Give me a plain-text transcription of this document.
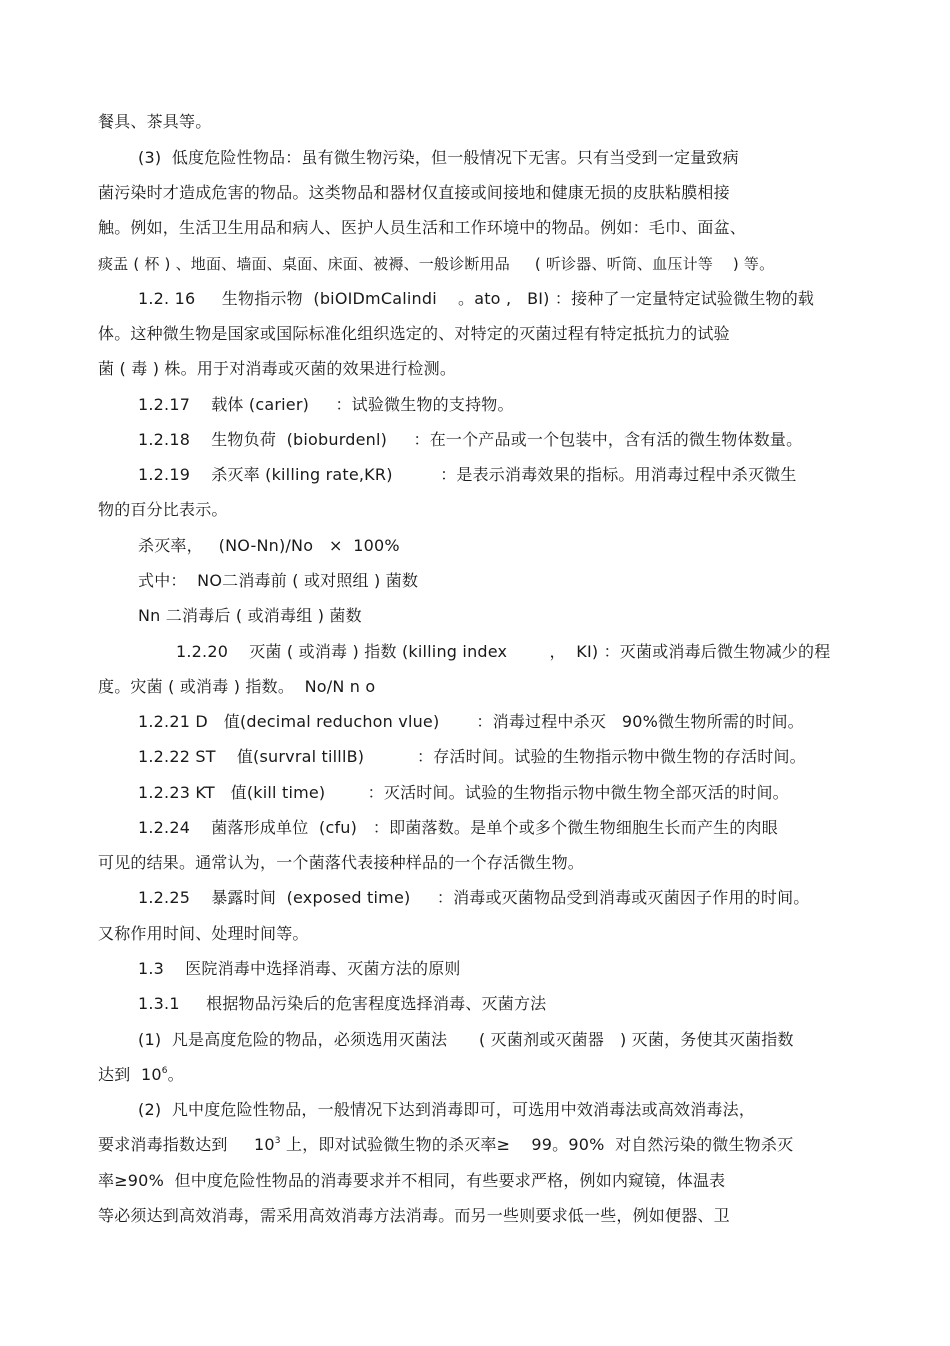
餐具、茶具等。
(3)  低度危险性物品：虽有微生物污染，但一般情况下无害。只有当受到一定量致病
菌污染时才造成危害的物品。这类物品和器材仅直接或间接地和健康无损的皮肤粘膜相接
触。例如，生活卫生用品和病人、医护人员生活和工作环境中的物品。例如：毛巾、面盆、
痰盂 ( 杯 ) 、地面、墙面、桌面、床面、被褥、一般诊断用品     ( 听诊器、听筒、血压计等    ) 等。
1.2. 16     生物指示物  (biOIDmCalindi    。ato ,   BI) ：接种了一定量特定试验微生物的载
体。这种微生物是国家或国际标准化组织选定的、对特定的灭菌过程有特定抵抗力的试验
菌 ( 毒 ) 株。用于对消毒或灭菌的效果进行检测。
1.2.17    载体 (carier)     ：试验微生物的支持物。
1.2.18    生物负荷  (bioburdenl)     ：在一个产品或一个包装中，含有活的微生物体数量。
1.2.19    杀灭率 (killing rate,KR)         ：是表示消毒效果的指标。用消毒过程中杀灭微生
物的百分比表示。
杀灭率，   (NO-Nn)/No   ×  100%
式中：  NO二消毒前 ( 或对照组 ) 菌数
Nn 二消毒后 ( 或消毒组 ) 菌数
1.2.20    灭菌 ( 或消毒 ) 指数 (killing index        ，  KI) ：灭菌或消毒后微生物减少的程
度。灾菌 ( 或消毒 ) 指数。  No/N n o
1.2.21 D   值(decimal reduchon vlue)       ：消毒过程中杀灭   90%微生物所需的时间。
1.2.22 ST    值(survral tilllB)          ：存活时间。试验的生物指示物中微生物的存活时间。
1.2.23 KT   值(kill time)        ：灭活时间。试验的生物指示物中微生物全部灭活的时间。
1.2.24    菌落形成单位  (cfu)   ：即菌落数。是单个或多个微生物细胞生长而产生的肉眼
可见的结果。通常认为，一个菌落代表接种样品的一个存活微生物。
1.2.25    暴露时间  (exposed time)     ：消毒或灭菌物品受到消毒或灭菌因子作用的时间。
又称作用时间、处理时间等。
1.3    医院消毒中选择消毒、灭菌方法的原则
1.3.1     根据物品污染后的危害程度选择消毒、灭菌方法
(1)  凡是高度危险的物品，必须选用灭菌法      ( 灭菌剂或灭菌器   ) 灭菌，务使其灭菌指数
达到  $10^6$。
(2)  凡中度危险性物品，一般情况下达到消毒即可，可选用中效消毒法或高效消毒法，
要求消毒指数达到     $10^3$ 上，即对试验微生物的杀灭率≥    99。90%  对自然污染的微生物杀灭
率≥90%  但中度危险性物品的消毒要求并不相同，有些要求严格，例如内窥镜，体温表
等必须达到高效消毒，需采用高效消毒方法消毒。而另一些则要求低一些，例如便器、卫
